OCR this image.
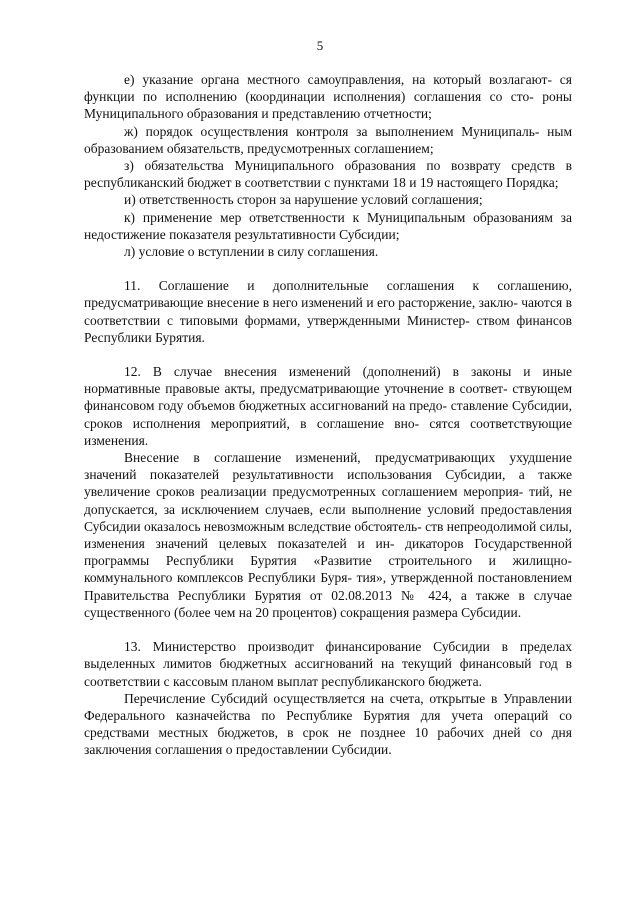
5

е) указание органа местного самоуправления, на который возлагают- ся функции по исполнению (координации исполнения) соглашения со сто- роны Муниципального образования и представлению отчетности;

ж) порядок осуществления контроля за выполнением Муниципаль- ным образованием обязательств, предусмотренных соглашением;

з) обязательства Муниципального образования по возврату средств в республиканский бюджет в соответствии с пунктами 18 и 19 настоящего Порядка;

и) ответственность сторон за нарушение условий соглашения;

к) применение мер ответственности к Муниципальным образованиям за недостижение показателя результативности Субсидии;

л) условие о вступлении в силу соглашения.

11. Соглашение и дополнительные соглашения к соглашению, предусматривающие внесение в него изменений и его расторжение, заклю- чаются в соответствии с типовыми формами, утвержденными Министер- ством финансов Республики Бурятия.

12. В случае внесения изменений (дополнений) в законы и иные нормативные правовые акты, предусматривающие уточнение в соответ- ствующем финансовом году объемов бюджетных ассигнований на предо- ставление Субсидии, сроков исполнения мероприятий, в соглашение вно- сятся соответствующие изменения.

Внесение в соглашение изменений, предусматривающих ухудшение значений показателей результативности использования Субсидии, а также увеличение сроков реализации предусмотренных соглашением мероприя- тий, не допускается, за исключением случаев, если выполнение условий предоставления Субсидии оказалось невозможным вследствие обстоятель- ств непреодолимой силы, изменения значений целевых показателей и ин- дикаторов Государственной программы Республики Бурятия «Развитие строительного и жилищно-коммунального комплексов Республики Буря- тия», утвержденной постановлением Правительства Республики Бурятия от 02.08.2013 № 424, а также в случае существенного (более чем на 20 процентов) сокращения размера Субсидии.

13. Министерство производит финансирование Субсидии в пределах выделенных лимитов бюджетных ассигнований на текущий финансовый год в соответствии с кассовым планом выплат республиканского бюджета.

Перечисление Субсидий осуществляется на счета, открытые в Управлении Федерального казначейства по Республике Бурятия для учета операций со средствами местных бюджетов, в срок не позднее 10 рабочих дней со дня заключения соглашения о предоставлении Субсидии.
